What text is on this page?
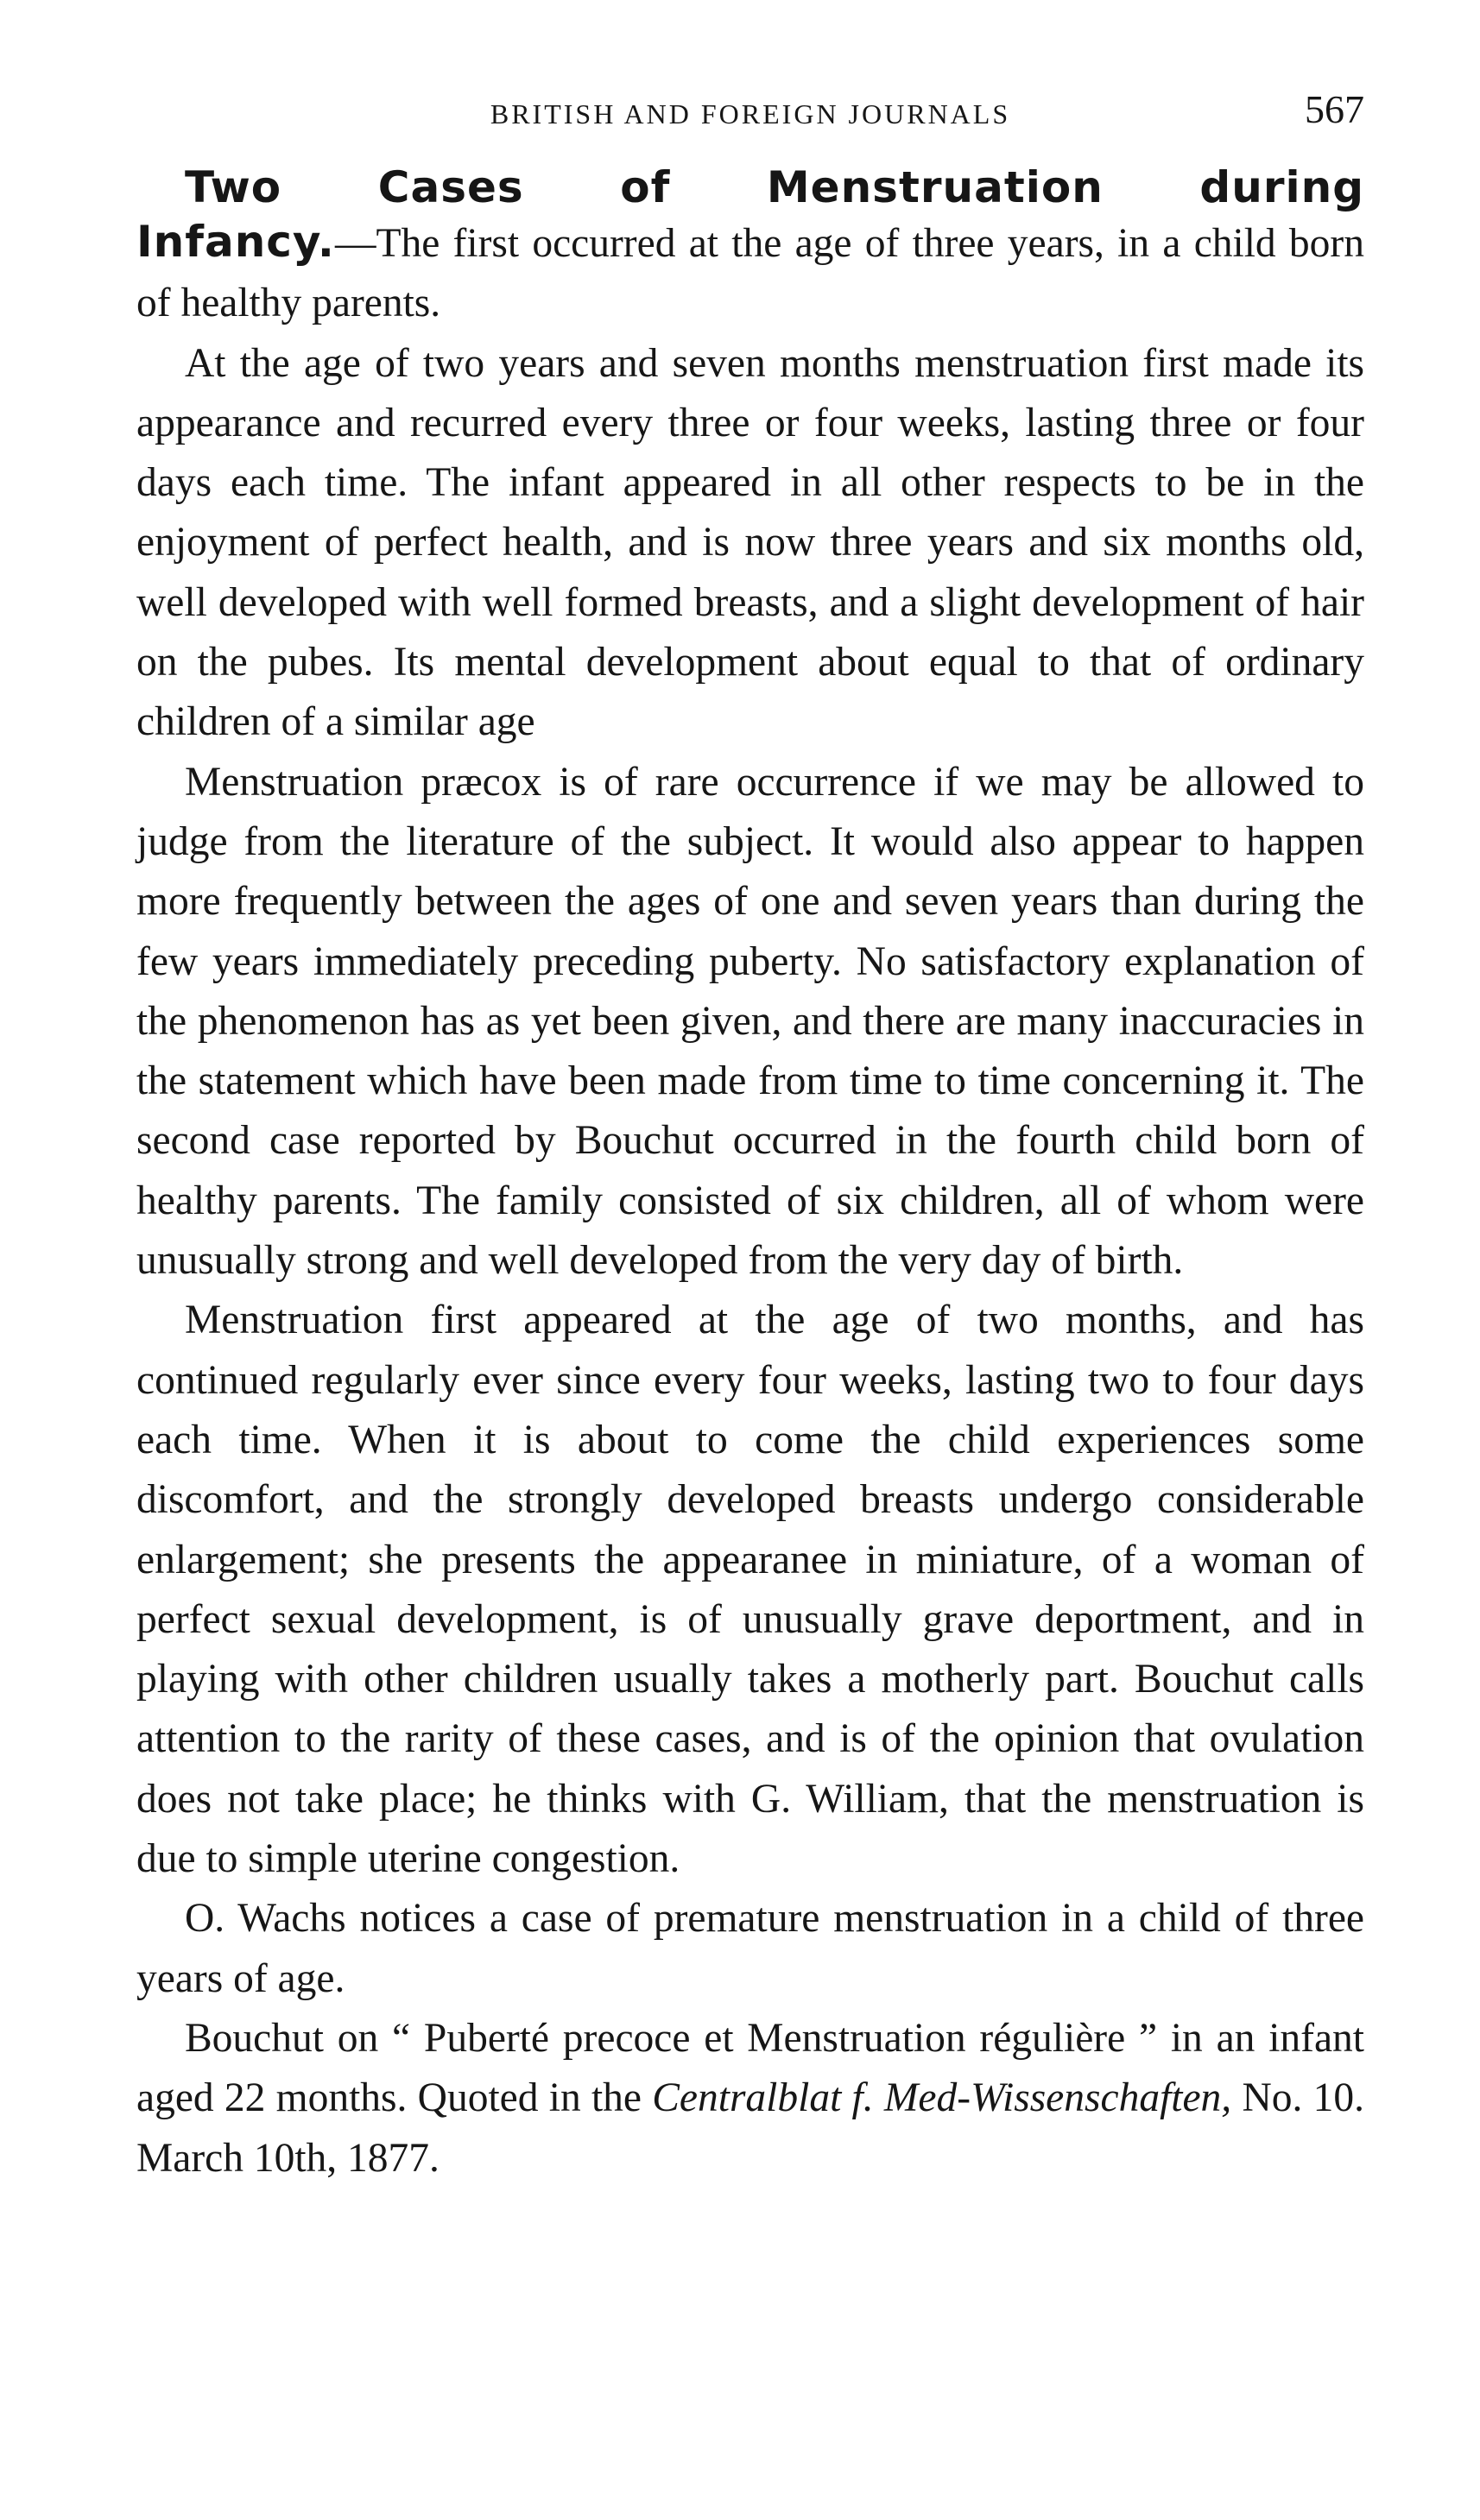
BRITISH AND FOREIGN JOURNALS	567
Two Cases of Menstruation during

Infancy.—The first occurred at the age of three years, in a child born of healthy parents.

At the age of two years and seven months menstruation first made its appearance and recurred every three or four weeks, lasting three or four days each time. The infant appeared in all other respects to be in the enjoyment of perfect health, and is now three years and six months old, well developed with well formed breasts, and a slight development of hair on the pubes. Its mental development about equal to that of ordinary children of a similar age

Menstruation præcox is of rare occurrence if we may be allowed to judge from the literature of the subject. It would also appear to happen more frequently between the ages of one and seven years than during the few years immediately preceding puberty. No satisfactory explanation of the phenomenon has as yet been given, and there are many inaccuracies in the statement which have been made from time to time concerning it. The second case reported by Bouchut occurred in the fourth child born of healthy parents. The family consisted of six children, all of whom were unusually strong and well developed from the very day of birth.

Menstruation first appeared at the age of two months, and has continued regularly ever since every four weeks, lasting two to four days each time. When it is about to come the child experiences some discomfort, and the strongly developed breasts undergo considerable enlargement; she presents the appearanee in miniature, of a woman of perfect sexual development, is of unusually grave deportment, and in playing with other children usually takes a motherly part. Bouchut calls attention to the rarity of these cases, and is of the opinion that ovulation does not take place; he thinks with G. William, that the menstruation is due to simple uterine congestion.

O. Wachs notices a case of premature menstruation in a child of three years of age.

Bouchut on “ Puberté precoce et Menstruation régulière ” in an infant aged 22 months. Quoted in the Centralblat f. Med-Wissenschaften, No. 10. March 10th, 1877.
